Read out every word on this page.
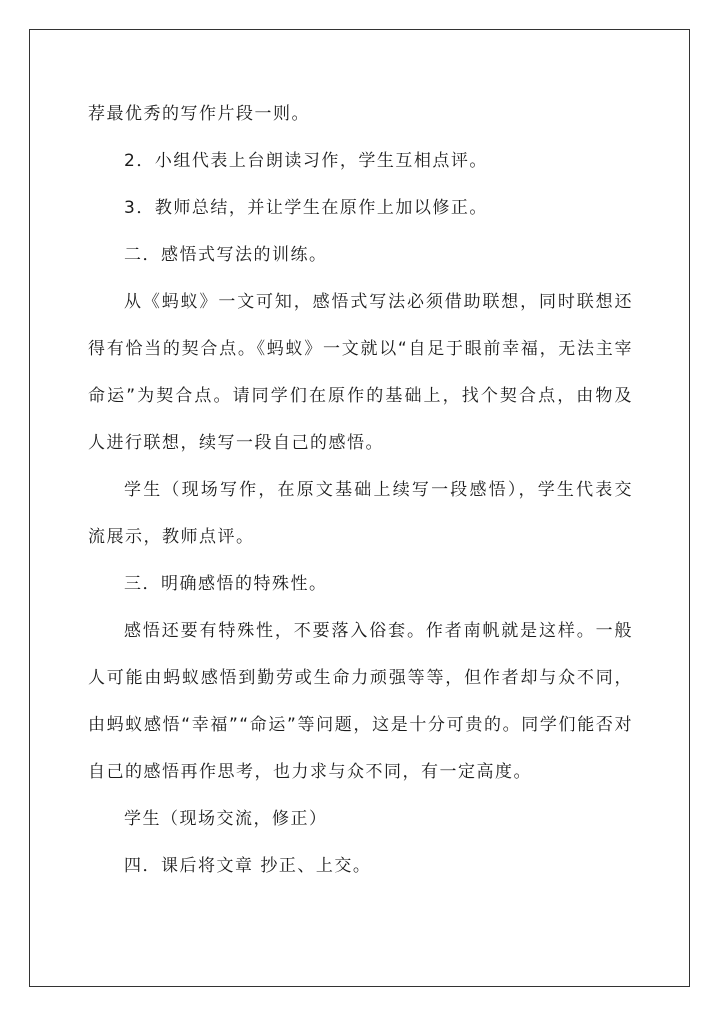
荐最优秀的写作片段一则。

2．小组代表上台朗读习作，学生互相点评。

3．教师总结，并让学生在原作上加以修正。

二．感悟式写法的训练。

从《蚂蚁》一文可知，感悟式写法必须借助联想，同时联想还得有恰当的契合点。《蚂蚁》一文就以“自足于眼前幸福，无法主宰命运”为契合点。请同学们在原作的基础上，找个契合点，由物及人进行联想，续写一段自己的感悟。

学生（现场写作，在原文基础上续写一段感悟），学生代表交流展示，教师点评。

三．明确感悟的特殊性。

感悟还要有特殊性，不要落入俗套。作者南帆就是这样。一般人可能由蚂蚁感悟到勤劳或生命力顽强等等，但作者却与众不同，由蚂蚁感悟“幸福”“命运”等问题，这是十分可贵的。同学们能否对自己的感悟再作思考，也力求与众不同，有一定高度。

学生（现场交流，修正）

四．课后将文章 抄正、上交。
